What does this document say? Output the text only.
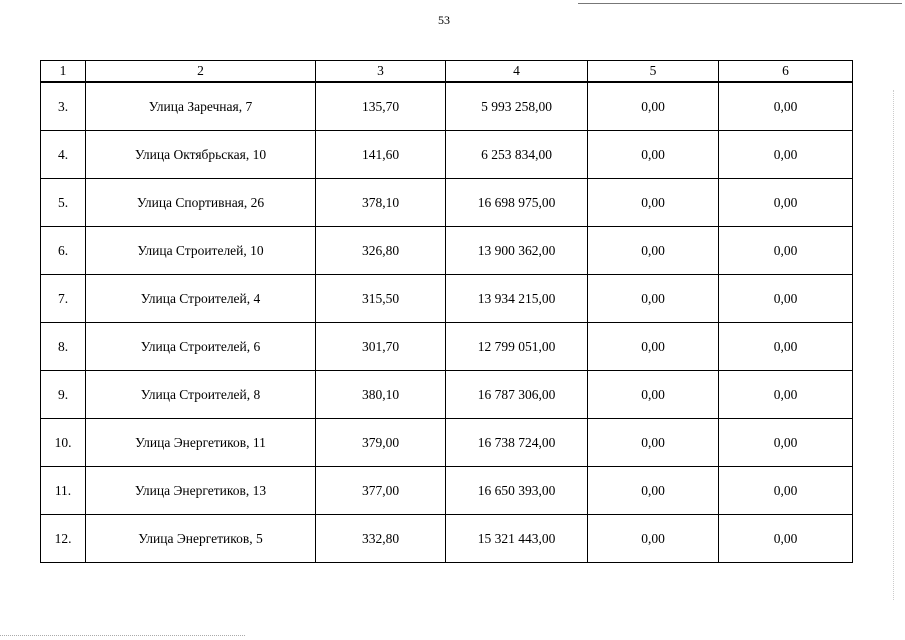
53
1	2	3	4	5	6
3.	Улица Заречная, 7	135,70	5 993 258,00	0,00	0,00
4.	Улица Октябрьская, 10	141,60	6 253 834,00	0,00	0,00
5.	Улица Спортивная, 26	378,10	16 698 975,00	0,00	0,00
6.	Улица Строителей, 10	326,80	13 900 362,00	0,00	0,00
7.	Улица Строителей, 4	315,50	13 934 215,00	0,00	0,00
8.	Улица Строителей, 6	301,70	12 799 051,00	0,00	0,00
9.	Улица Строителей, 8	380,10	16 787 306,00	0,00	0,00
10.	Улица Энергетиков, 11	379,00	16 738 724,00	0,00	0,00
11.	Улица Энергетиков, 13	377,00	16 650 393,00	0,00	0,00
12.	Улица Энергетиков, 5	332,80	15 321 443,00	0,00	0,00
